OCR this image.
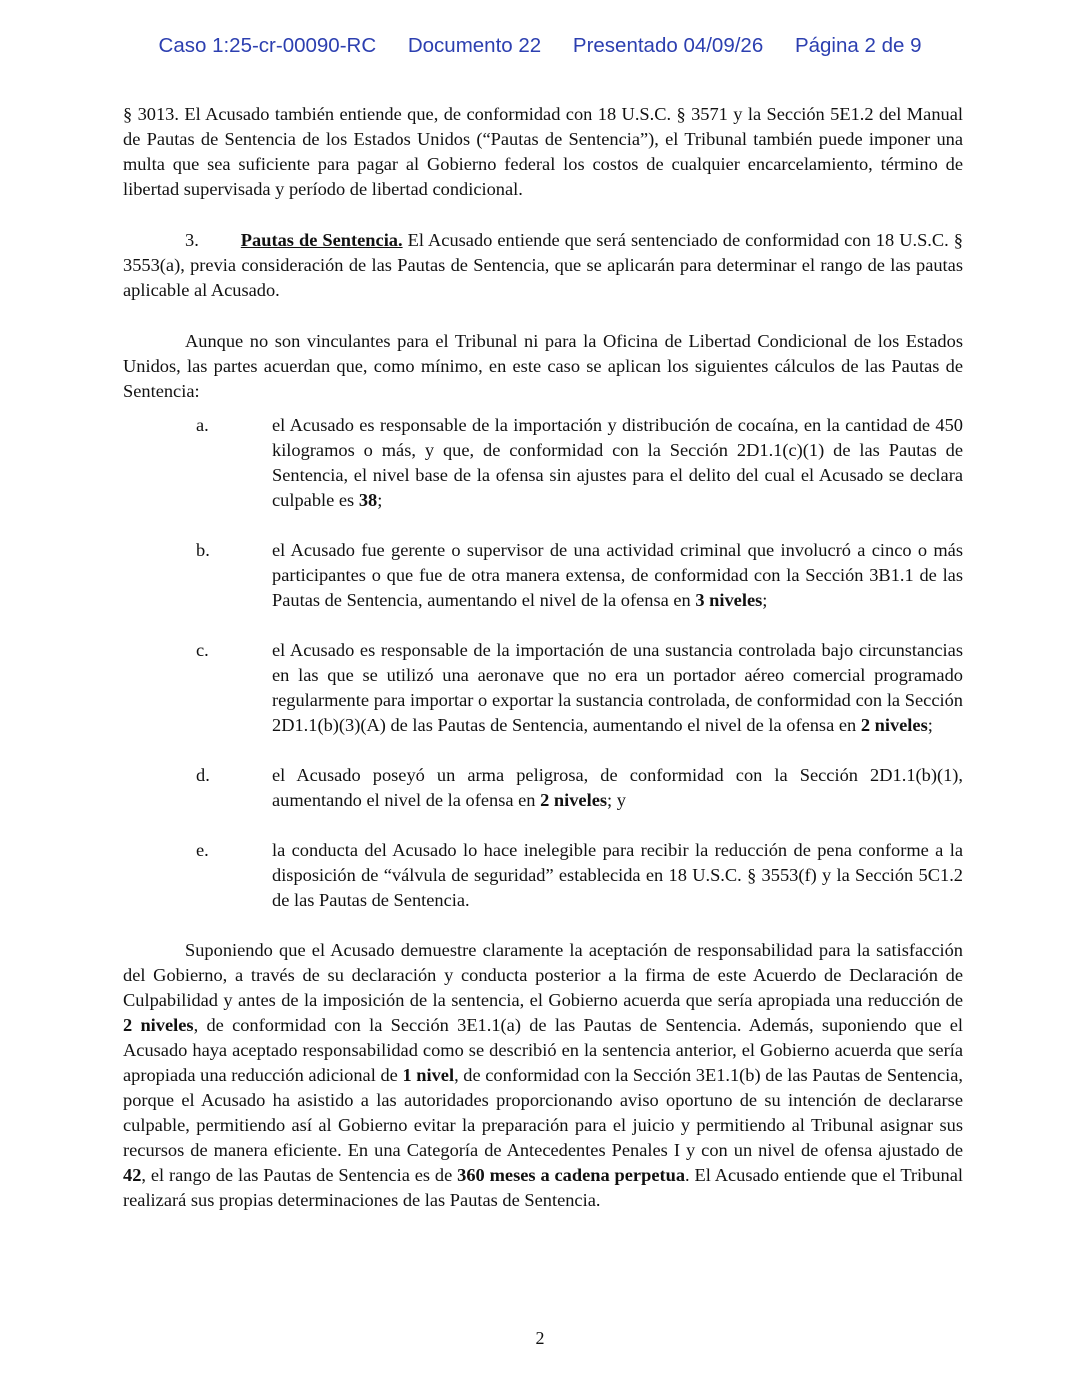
Caso 1:25-cr-00090-RC Documento 22 Presentado 04/09/26 Página 2 de 9

§ 3013. El Acusado también entiende que, de conformidad con 18 U.S.C. § 3571 y la Sección 5E1.2 del Manual de Pautas de Sentencia de los Estados Unidos (“Pautas de Sentencia”), el Tribunal también puede imponer una multa que sea suficiente para pagar al Gobierno federal los costos de cualquier encarcelamiento, término de libertad supervisada y período de libertad condicional.

3. Pautas de Sentencia. El Acusado entiende que será sentenciado de conformidad con 18 U.S.C. § 3553(a), previa consideración de las Pautas de Sentencia, que se aplicarán para determinar el rango de las pautas aplicable al Acusado.

Aunque no son vinculantes para el Tribunal ni para la Oficina de Libertad Condicional de los Estados Unidos, las partes acuerdan que, como mínimo, en este caso se aplican los siguientes cálculos de las Pautas de Sentencia:

a.	el Acusado es responsable de la importación y distribución de cocaína, en la cantidad de 450 kilogramos o más, y que, de conformidad con la Sección 2D1.1(c)(1) de las Pautas de Sentencia, el nivel base de la ofensa sin ajustes para el delito del cual el Acusado se declara culpable es 38;

b.	el Acusado fue gerente o supervisor de una actividad criminal que involucró a cinco o más participantes o que fue de otra manera extensa, de conformidad con la Sección 3B1.1 de las Pautas de Sentencia, aumentando el nivel de la ofensa en 3 niveles;

c.	el Acusado es responsable de la importación de una sustancia controlada bajo circunstancias en las que se utilizó una aeronave que no era un portador aéreo comercial programado regularmente para importar o exportar la sustancia controlada, de conformidad con la Sección 2D1.1(b)(3)(A) de las Pautas de Sentencia, aumentando el nivel de la ofensa en 2 niveles;

d.	el Acusado poseyó un arma peligrosa, de conformidad con la Sección 2D1.1(b)(1), aumentando el nivel de la ofensa en 2 niveles; y

e.	la conducta del Acusado lo hace inelegible para recibir la reducción de pena conforme a la disposición de “válvula de seguridad” establecida en 18 U.S.C. § 3553(f) y la Sección 5C1.2 de las Pautas de Sentencia.

Suponiendo que el Acusado demuestre claramente la aceptación de responsabilidad para la satisfacción del Gobierno, a través de su declaración y conducta posterior a la firma de este Acuerdo de Declaración de Culpabilidad y antes de la imposición de la sentencia, el Gobierno acuerda que sería apropiada una reducción de 2 niveles, de conformidad con la Sección 3E1.1(a) de las Pautas de Sentencia. Además, suponiendo que el Acusado haya aceptado responsabilidad como se describió en la sentencia anterior, el Gobierno acuerda que sería apropiada una reducción adicional de 1 nivel, de conformidad con la Sección 3E1.1(b) de las Pautas de Sentencia, porque el Acusado ha asistido a las autoridades proporcionando aviso oportuno de su intención de declararse culpable, permitiendo así al Gobierno evitar la preparación para el juicio y permitiendo al Tribunal asignar sus recursos de manera eficiente. En una Categoría de Antecedentes Penales I y con un nivel de ofensa ajustado de 42, el rango de las Pautas de Sentencia es de 360 meses a cadena perpetua. El Acusado entiende que el Tribunal realizará sus propias determinaciones de las Pautas de Sentencia.

2
